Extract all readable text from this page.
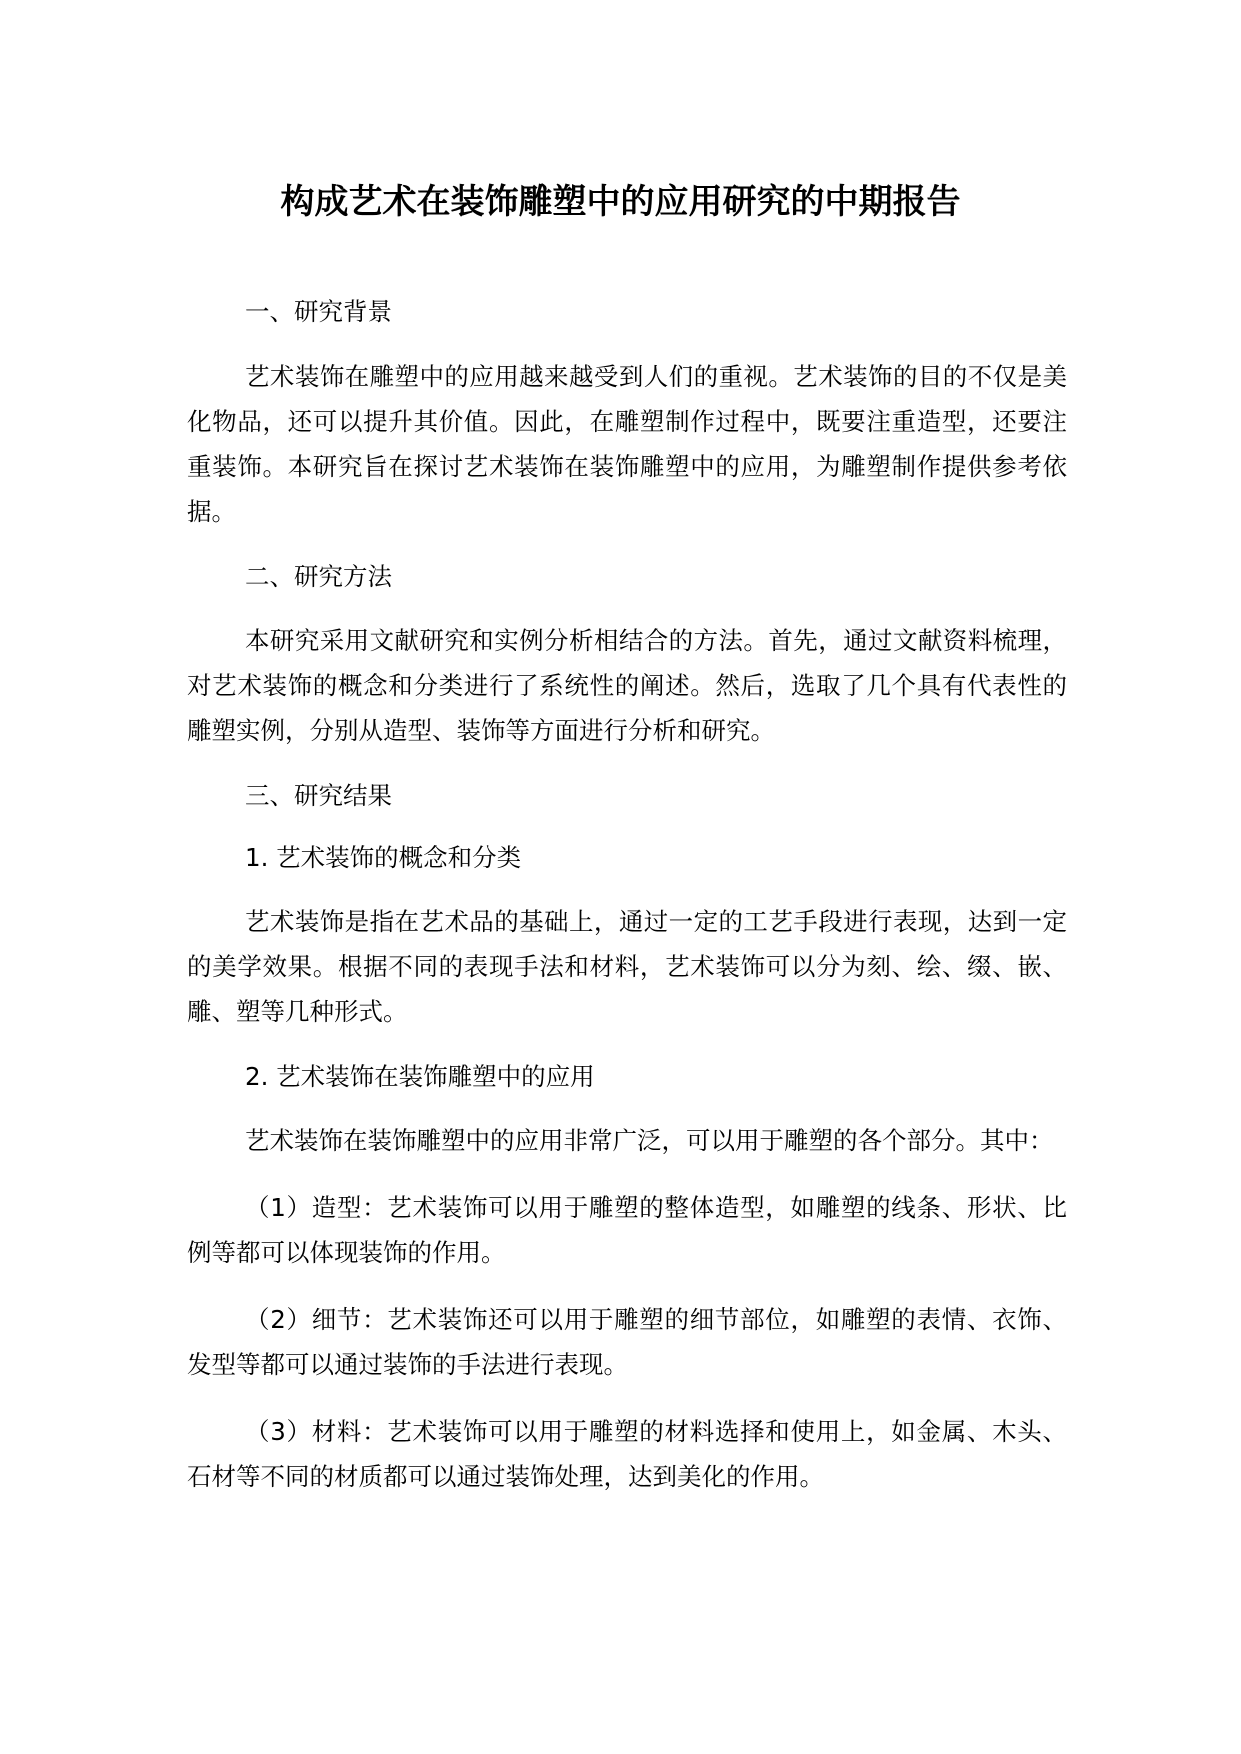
构成艺术在装饰雕塑中的应用研究的中期报告

一、研究背景

艺术装饰在雕塑中的应用越来越受到人们的重视。艺术装饰的目的不仅是美化物品，还可以提升其价值。因此，在雕塑制作过程中，既要注重造型，还要注重装饰。本研究旨在探讨艺术装饰在装饰雕塑中的应用，为雕塑制作提供参考依据。

二、研究方法

本研究采用文献研究和实例分析相结合的方法。首先，通过文献资料梳理，对艺术装饰的概念和分类进行了系统性的阐述。然后，选取了几个具有代表性的雕塑实例，分别从造型、装饰等方面进行分析和研究。

三、研究结果

1. 艺术装饰的概念和分类

艺术装饰是指在艺术品的基础上，通过一定的工艺手段进行表现，达到一定的美学效果。根据不同的表现手法和材料，艺术装饰可以分为刻、绘、缀、嵌、雕、塑等几种形式。

2. 艺术装饰在装饰雕塑中的应用

艺术装饰在装饰雕塑中的应用非常广泛，可以用于雕塑的各个部分。其中：

（1）造型：艺术装饰可以用于雕塑的整体造型，如雕塑的线条、形状、比例等都可以体现装饰的作用。

（2）细节：艺术装饰还可以用于雕塑的细节部位，如雕塑的表情、衣饰、发型等都可以通过装饰的手法进行表现。

（3）材料：艺术装饰可以用于雕塑的材料选择和使用上，如金属、木头、石材等不同的材质都可以通过装饰处理，达到美化的作用。
